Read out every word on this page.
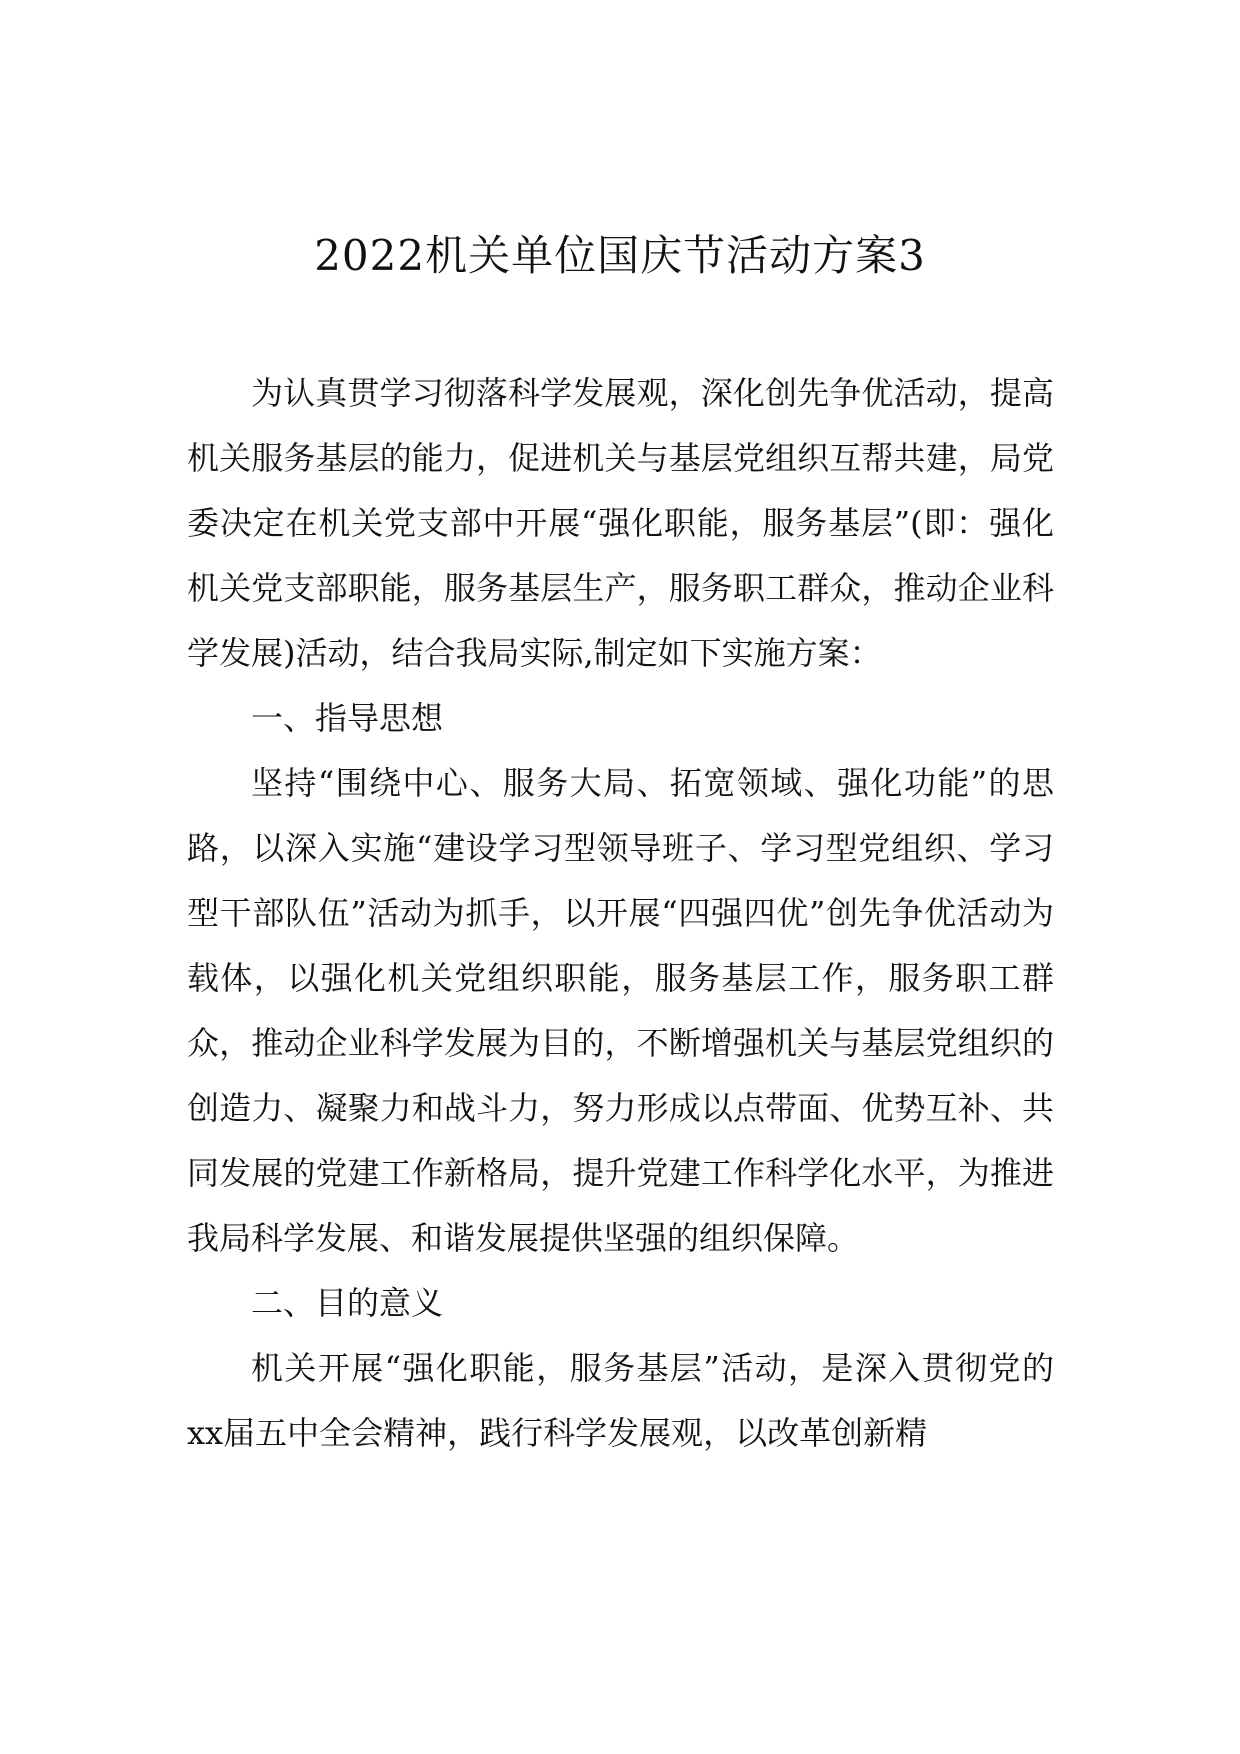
2022机关单位国庆节活动方案3

为认真贯学习彻落科学发展观，深化创先争优活动，提高机关服务基层的能力，促进机关与基层党组织互帮共建，局党委决定在机关党支部中开展“强化职能，服务基层”(即：强化机关党支部职能，服务基层生产，服务职工群众，推动企业科学发展)活动，结合我局实际,制定如下实施方案：

一、指导思想

坚持“围绕中心、服务大局、拓宽领域、强化功能”的思路，以深入实施“建设学习型领导班子、学习型党组织、学习型干部队伍”活动为抓手，以开展“四强四优”创先争优活动为载体，以强化机关党组织职能，服务基层工作，服务职工群众，推动企业科学发展为目的，不断增强机关与基层党组织的创造力、凝聚力和战斗力，努力形成以点带面、优势互补、共同发展的党建工作新格局，提升党建工作科学化水平，为推进我局科学发展、和谐发展提供坚强的组织保障。

二、目的意义

机关开展“强化职能，服务基层”活动，是深入贯彻党的xx届五中全会精神，践行科学发展观，以改革创新精
